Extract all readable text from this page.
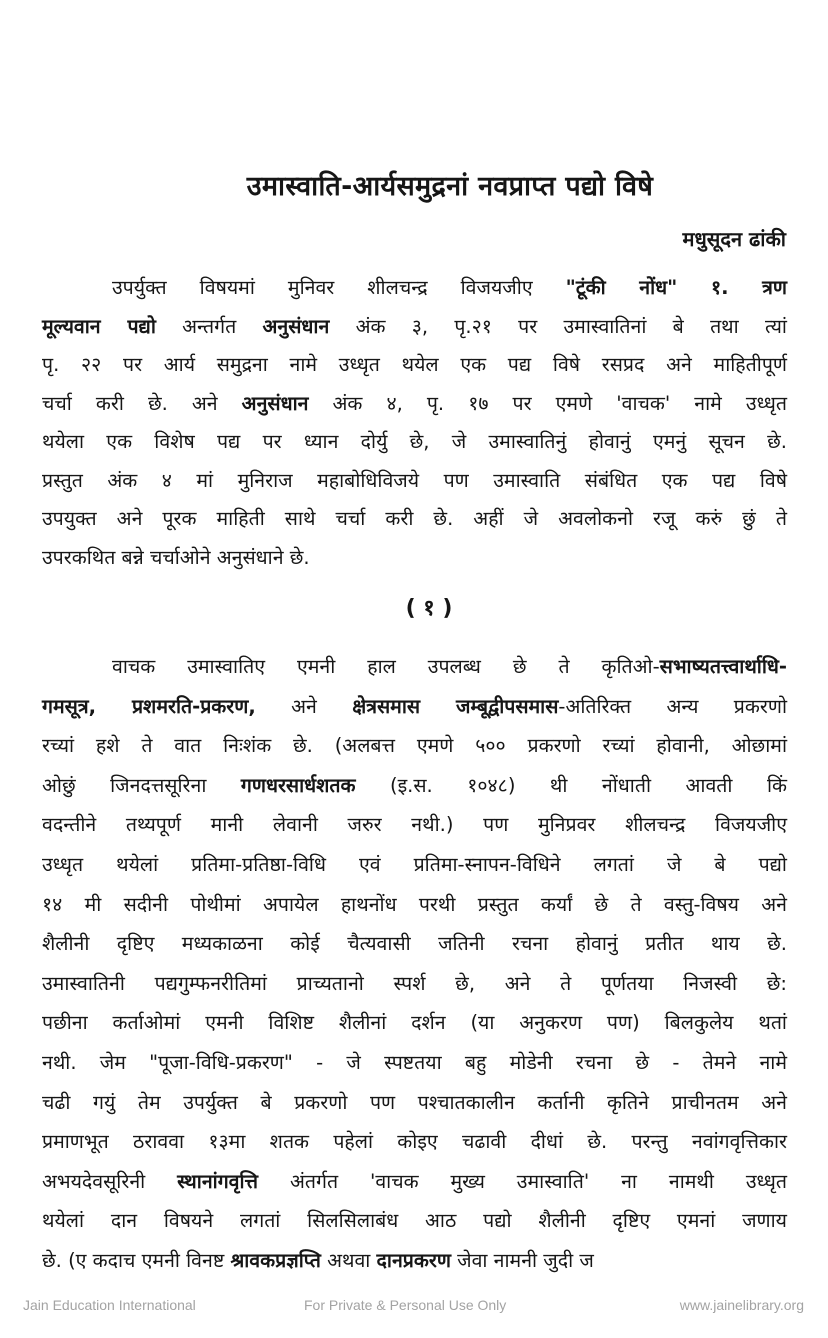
उमास्वाति-आर्यसमुद्रनां नवप्राप्त पद्यो विषे
मधुसूदन ढांकी
उपर्युक्त विषयमां मुनिवर शीलचन्द्र विजयजीए "टूंकी नोंध" १. त्रण
मूल्यवान पद्यो अन्तर्गत अनुसंधान अंक ३, पृ.२१ पर उमास्वातिनां बे तथा त्यां
पृ. २२ पर आर्य समुद्रना नामे उध्धृत थयेल एक पद्य विषे रसप्रद अने माहितीपूर्ण
चर्चा करी छे. अने अनुसंधान अंक ४, पृ. १७ पर एमणे 'वाचक' नामे उध्धृत
थयेला एक विशेष पद्य पर ध्यान दोर्यु छे, जे उमास्वातिनुं होवानुं एमनुं सूचन छे.
प्रस्तुत अंक ४ मां मुनिराज महाबोधिविजये पण उमास्वाति संबंधित एक पद्य विषे
उपयुक्त अने पूरक माहिती साथे चर्चा करी छे. अहीं जे अवलोकनो रजू करुं छुं ते
उपरकथित बन्ने चर्चाओने अनुसंधाने छे.
( १ )
वाचक उमास्वातिए एमनी हाल उपलब्ध छे ते कृतिओ-सभाष्यतत्त्वार्थाधि-
गमसूत्र, प्रशमरति-प्रकरण, अने क्षेत्रसमास जम्बूद्वीपसमास-अतिरिक्त अन्य प्रकरणो
रच्यां हशे ते वात निःशंक छे. (अलबत्त एमणे ५०० प्रकरणो रच्यां होवानी, ओछामां
ओछुं जिनदत्तसूरिना गणधरसार्धशतक (इ.स. १०४८) थी नोंधाती आवती किं
वदन्तीने तथ्यपूर्ण मानी लेवानी जरुर नथी.) पण मुनिप्रवर शीलचन्द्र विजयजीए
उध्धृत थयेलां प्रतिमा-प्रतिष्ठा-विधि एवं प्रतिमा-स्नापन-विधिने लगतां जे बे पद्यो
१४ मी सदीनी पोथीमां अपायेल हाथनोंध परथी प्रस्तुत कर्यां छे ते वस्तु-विषय अने
शैलीनी दृष्टिए मध्यकाळना कोई चैत्यवासी जतिनी रचना होवानुं प्रतीत थाय छे.
उमास्वातिनी पद्यगुम्फनरीतिमां प्राच्यतानो स्पर्श छे, अने ते पूर्णतया निजस्वी छे:
पछीना कर्ताओमां एमनी विशिष्ट शैलीनां दर्शन (या अनुकरण पण) बिलकुलेय थतां
नथी. जेम "पूजा-विधि-प्रकरण" - जे स्पष्टतया बहु मोडेनी रचना छे - तेमने नामे
चढी गयुं तेम उपर्युक्त बे प्रकरणो पण पश्चातकालीन कर्तानी कृतिने प्राचीनतम अने
प्रमाणभूत ठराववा १३मा शतक पहेलां कोइए चढावी दीधां छे. परन्तु नवांगवृत्तिकार
अभयदेवसूरिनी स्थानांगवृत्ति अंतर्गत 'वाचक मुख्य उमास्वाति' ना नामथी उध्धृत
थयेलां दान विषयने लगतां सिलसिलाबंध आठ पद्यो शैलीनी दृष्टिए एमनां जणाय
छे. (ए कदाच एमनी विनष्ट श्रावकप्रज्ञप्ति अथवा दानप्रकरण जेवा नामनी जुदी ज
Jain Education International	For Private & Personal Use Only	www.jainelibrary.org
